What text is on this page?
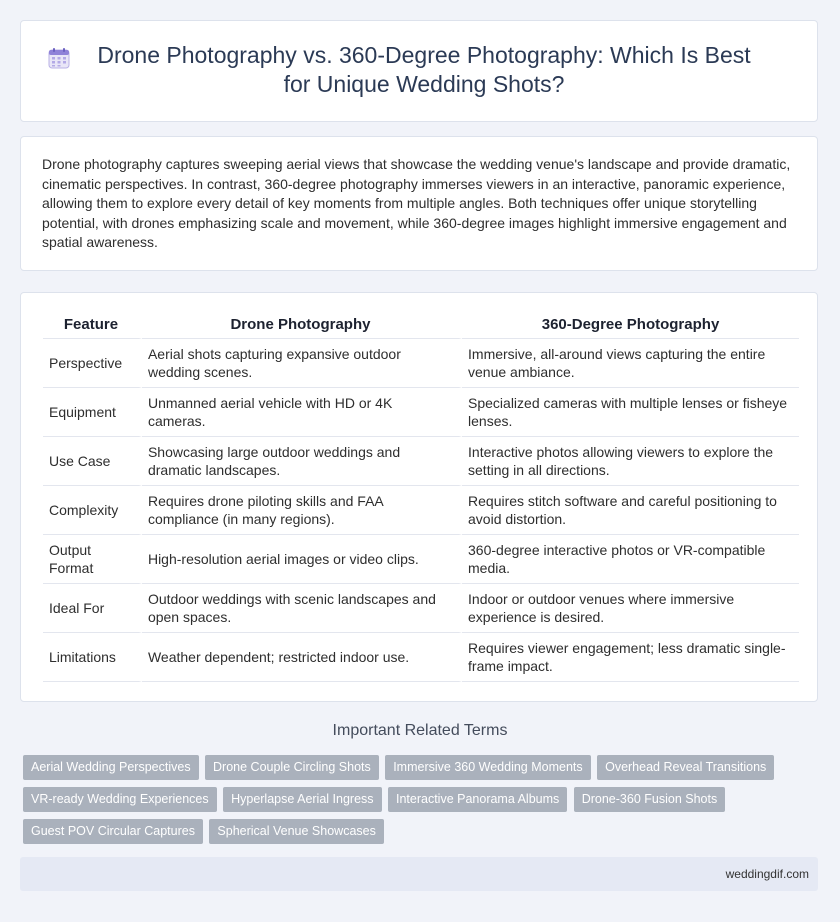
Drone Photography vs. 360-Degree Photography: Which Is Best for Unique Wedding Shots?

Drone photography captures sweeping aerial views that showcase the wedding venue's landscape and provide dramatic, cinematic perspectives. In contrast, 360-degree photography immerses viewers in an interactive, panoramic experience, allowing them to explore every detail of key moments from multiple angles. Both techniques offer unique storytelling potential, with drones emphasizing scale and movement, while 360-degree images highlight immersive engagement and spatial awareness.

Feature	Drone Photography	360-Degree Photography
Perspective	Aerial shots capturing expansive outdoor wedding scenes.	Immersive, all-around views capturing the entire venue ambiance.
Equipment	Unmanned aerial vehicle with HD or 4K cameras.	Specialized cameras with multiple lenses or fisheye lenses.
Use Case	Showcasing large outdoor weddings and dramatic landscapes.	Interactive photos allowing viewers to explore the setting in all directions.
Complexity	Requires drone piloting skills and FAA compliance (in many regions).	Requires stitch software and careful positioning to avoid distortion.
Output Format	High-resolution aerial images or video clips.	360-degree interactive photos or VR-compatible media.
Ideal For	Outdoor weddings with scenic landscapes and open spaces.	Indoor or outdoor venues where immersive experience is desired.
Limitations	Weather dependent; restricted indoor use.	Requires viewer engagement; less dramatic single-frame impact.
Important Related Terms
Aerial Wedding Perspectives Drone Couple Circling Shots Immersive 360 Wedding Moments Overhead Reveal Transitions VR-ready Wedding Experiences Hyperlapse Aerial Ingress Interactive Panorama Albums Drone-360 Fusion Shots Guest POV Circular Captures Spherical Venue Showcases
weddingdif.com
